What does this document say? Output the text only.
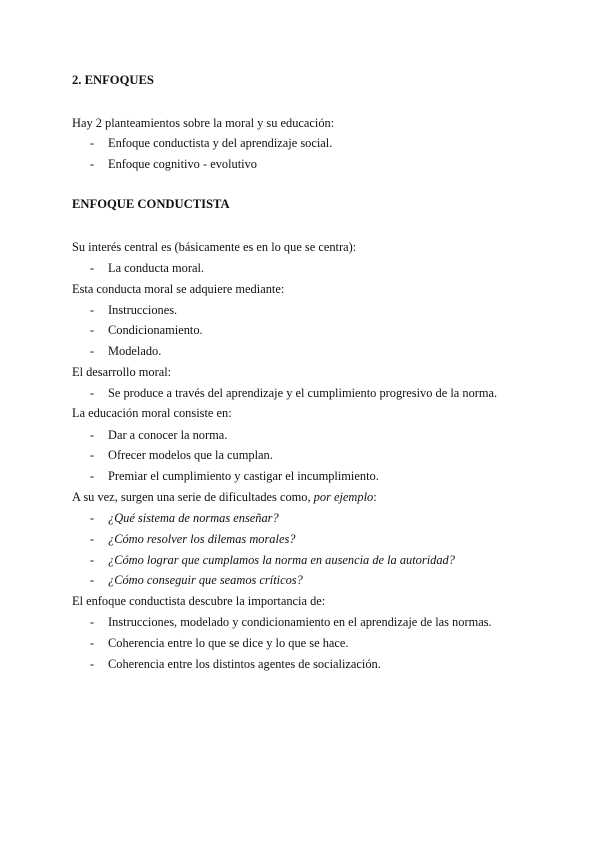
2. ENFOQUES

Hay 2 planteamientos sobre la moral y su educación:

- Enfoque conductista y del aprendizaje social.

- Enfoque cognitivo - evolutivo

ENFOQUE CONDUCTISTA

Su interés central es (básicamente es en lo que se centra):

- La conducta moral.

Esta conducta moral se adquiere mediante:

- Instrucciones.

- Condicionamiento.

- Modelado.

El desarrollo moral:

- Se produce a través del aprendizaje y el cumplimiento progresivo de la norma.

La educación moral consiste en:

- Dar a conocer la norma.

- Ofrecer modelos que la cumplan.

- Premiar el cumplimiento y castigar el incumplimiento.

A su vez, surgen una serie de dificultades como, por ejemplo:

- ¿Qué sistema de normas enseñar?

- ¿Cómo resolver los dilemas morales?

- ¿Cómo lograr que cumplamos la norma en ausencia de la autoridad?

- ¿Cómo conseguir que seamos críticos?

El enfoque conductista descubre la importancia de:

- Instrucciones, modelado y condicionamiento en el aprendizaje de las normas.

- Coherencia entre lo que se dice y lo que se hace.

- Coherencia entre los distintos agentes de socialización.
